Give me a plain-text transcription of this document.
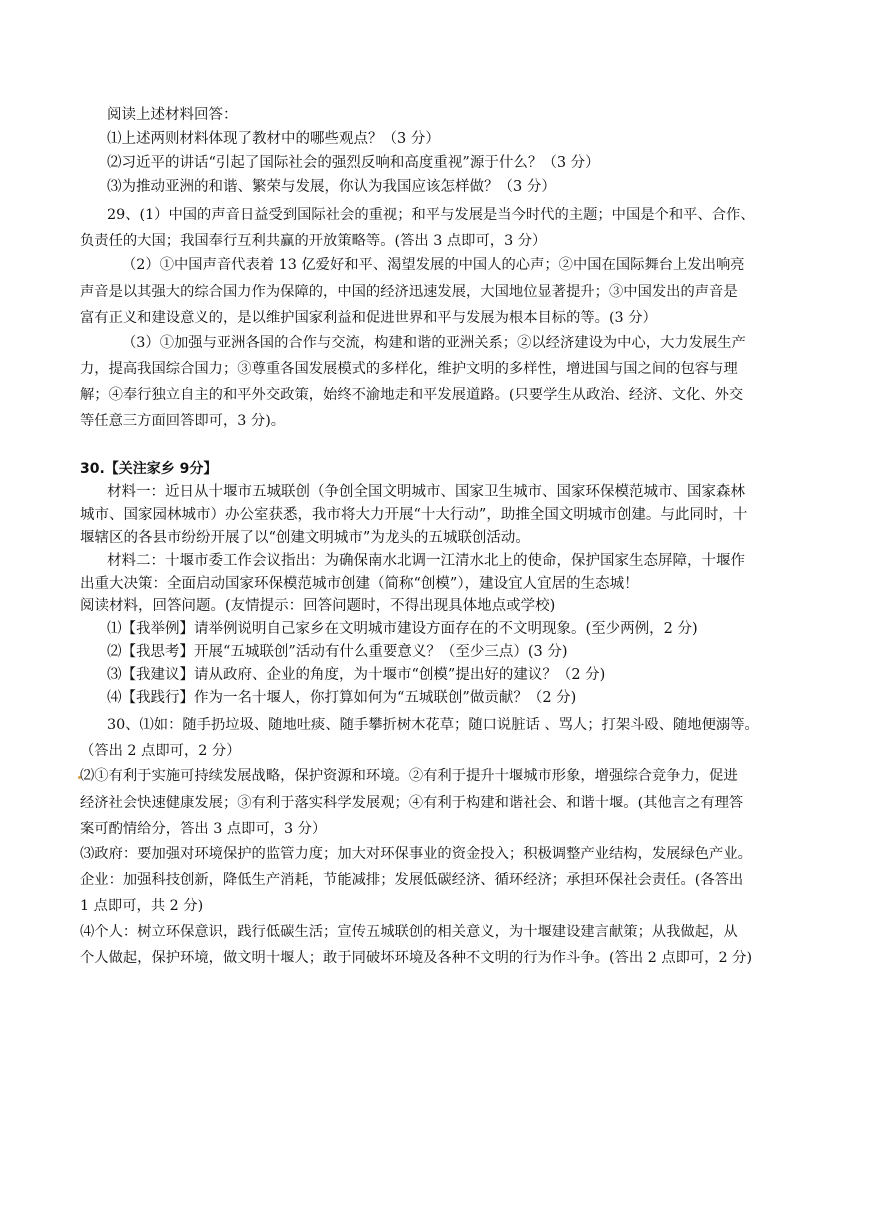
阅读上述材料回答：
⑴上述两则材料体现了教材中的哪些观点？（3 分）
⑵习近平的讲话“引起了国际社会的强烈反响和高度重视”源于什么？（3 分）
⑶为推动亚洲的和谐、繁荣与发展，你认为我国应该怎样做？（3 分）
29、(1）中国的声音日益受到国际社会的重视；和平与发展是当今时代的主题；中国是个和平、合作、
负责任的大国；我国奉行互利共赢的开放策略等。(答出 3 点即可，3 分）
（2）①中国声音代表着 13 亿爱好和平、渴望发展的中国人的心声；②中国在国际舞台上发出响亮
声音是以其强大的综合国力作为保障的，中国的经济迅速发展，大国地位显著提升；③中国发出的声音是
富有正义和建设意义的，是以维护国家利益和促进世界和平与发展为根本目标的等。(3 分）
（3）①加强与亚洲各国的合作与交流，构建和谐的亚洲关系；②以经济建设为中心，大力发展生产
力，提高我国综合国力；③尊重各国发展模式的多样化，维护文明的多样性，增进国与国之间的包容与理
解；④奉行独立自主的和平外交政策，始终不渝地走和平发展道路。(只要学生从政治、经济、文化、外交
等任意三方面回答即可，3 分)。
30.【关注家乡 9分】
材料一：近日从十堰市五城联创（争创全国文明城市、国家卫生城市、国家环保模范城市、国家森林
城市、国家园林城市）办公室获悉，我市将大力开展“十大行动”，助推全国文明城市创建。与此同时，十
堰辖区的各县市纷纷开展了以“创建文明城市”为龙头的五城联创活动。
材料二：十堰市委工作会议指出：为确保南水北调一江清水北上的使命，保护国家生态屏障，十堰作
出重大决策：全面启动国家环保模范城市创建（简称“创模”），建设宜人宜居的生态城！
阅读材料，回答问题。(友情提示：回答问题时，不得出现具体地点或学校)
⑴【我举例】请举例说明自己家乡在文明城市建设方面存在的不文明现象。(至少两例，2 分)
⑵【我思考】开展“五城联创”活动有什么重要意义？（至少三点）(3 分)
⑶【我建议】请从政府、企业的角度，为十堰市“创模”提出好的建议？（2 分)
⑷【我践行】作为一名十堰人，你打算如何为“五城联创”做贡献？（2 分)
30、⑴如：随手扔垃圾、随地吐痰、随手攀折树木花草；随口说脏话 、骂人；打架斗殴、随地便溺等。
（答出 2 点即可，2 分）
⑵①有利于实施可持续发展战略，保护资源和环境。②有利于提升十堰城市形象，增强综合竞争力，促进
经济社会快速健康发展；③有利于落实科学发展观；④有利于构建和谐社会、和谐十堰。(其他言之有理答
案可酌情给分，答出 3 点即可，3 分）
⑶政府：要加强对环境保护的监管力度；加大对环保事业的资金投入；积极调整产业结构，发展绿色产业。
企业：加强科技创新，降低生产消耗，节能减排；发展低碳经济、循环经济；承担环保社会责任。(各答出
1 点即可，共 2 分)
⑷个人：树立环保意识，践行低碳生活；宣传五城联创的相关意义，为十堰建设建言献策；从我做起，从
个人做起，保护环境，做文明十堰人；敢于同破坏环境及各种不文明的行为作斗争。(答出 2 点即可，2 分)
